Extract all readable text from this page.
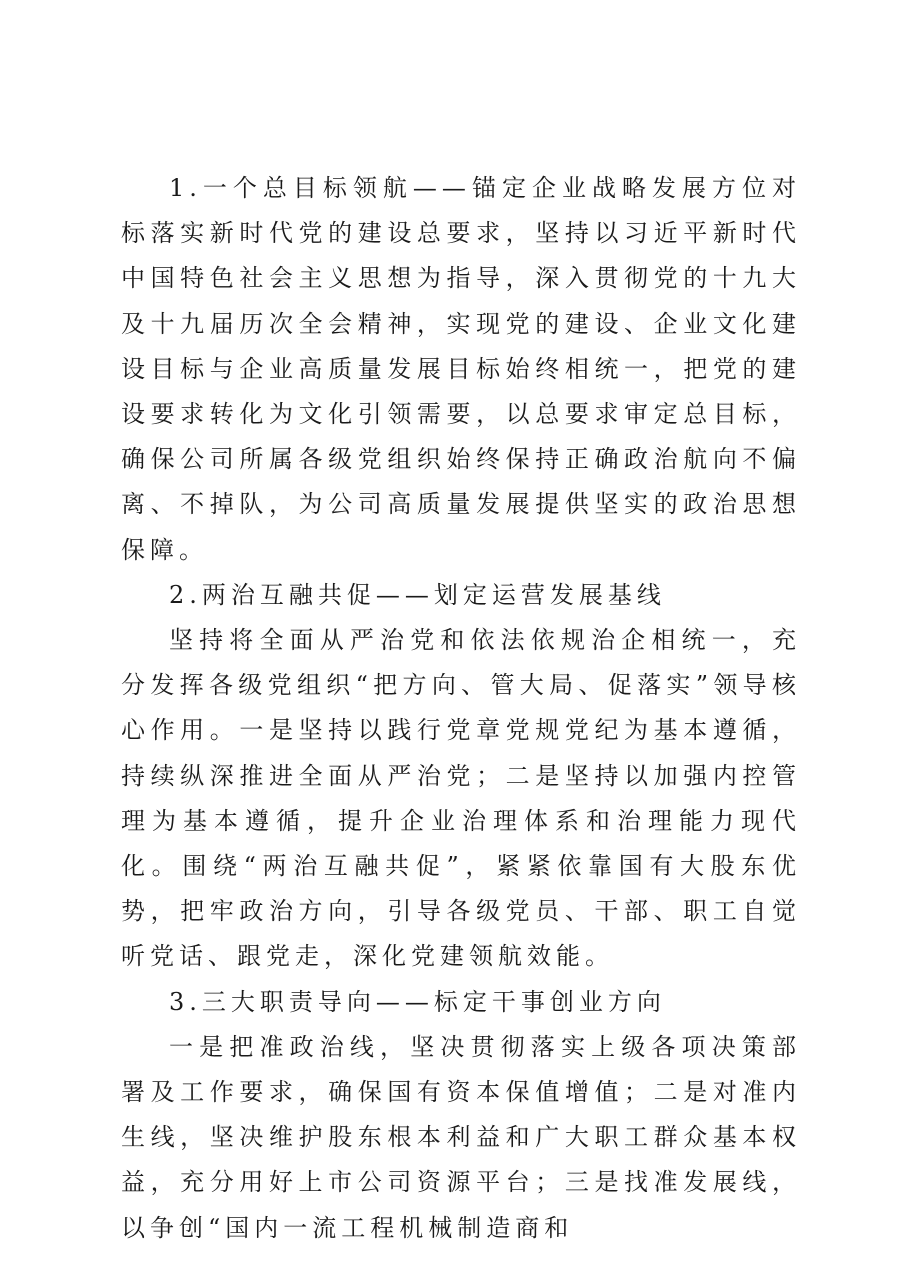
1.一个总目标领航——锚定企业战略发展方位对标落实新时代党的建设总要求，坚持以习近平新时代中国特色社会主义思想为指导，深入贯彻党的十九大及十九届历次全会精神，实现党的建设、企业文化建设目标与企业高质量发展目标始终相统一，把党的建设要求转化为文化引领需要，以总要求审定总目标，确保公司所属各级党组织始终保持正确政治航向不偏离、不掉队，为公司高质量发展提供坚实的政治思想保障。

2.两治互融共促——划定运营发展基线

坚持将全面从严治党和依法依规治企相统一，充分发挥各级党组织“把方向、管大局、促落实”领导核心作用。一是坚持以践行党章党规党纪为基本遵循，持续纵深推进全面从严治党；二是坚持以加强内控管理为基本遵循，提升企业治理体系和治理能力现代化。围绕“两治互融共促”，紧紧依靠国有大股东优势，把牢政治方向，引导各级党员、干部、职工自觉听党话、跟党走，深化党建领航效能。

3.三大职责导向——标定干事创业方向

一是把准政治线，坚决贯彻落实上级各项决策部署及工作要求，确保国有资本保值增值；二是对准内生线，坚决维护股东根本利益和广大职工群众基本权益，充分用好上市公司资源平台；三是找准发展线，以争创“国内一流工程机械制造商和
